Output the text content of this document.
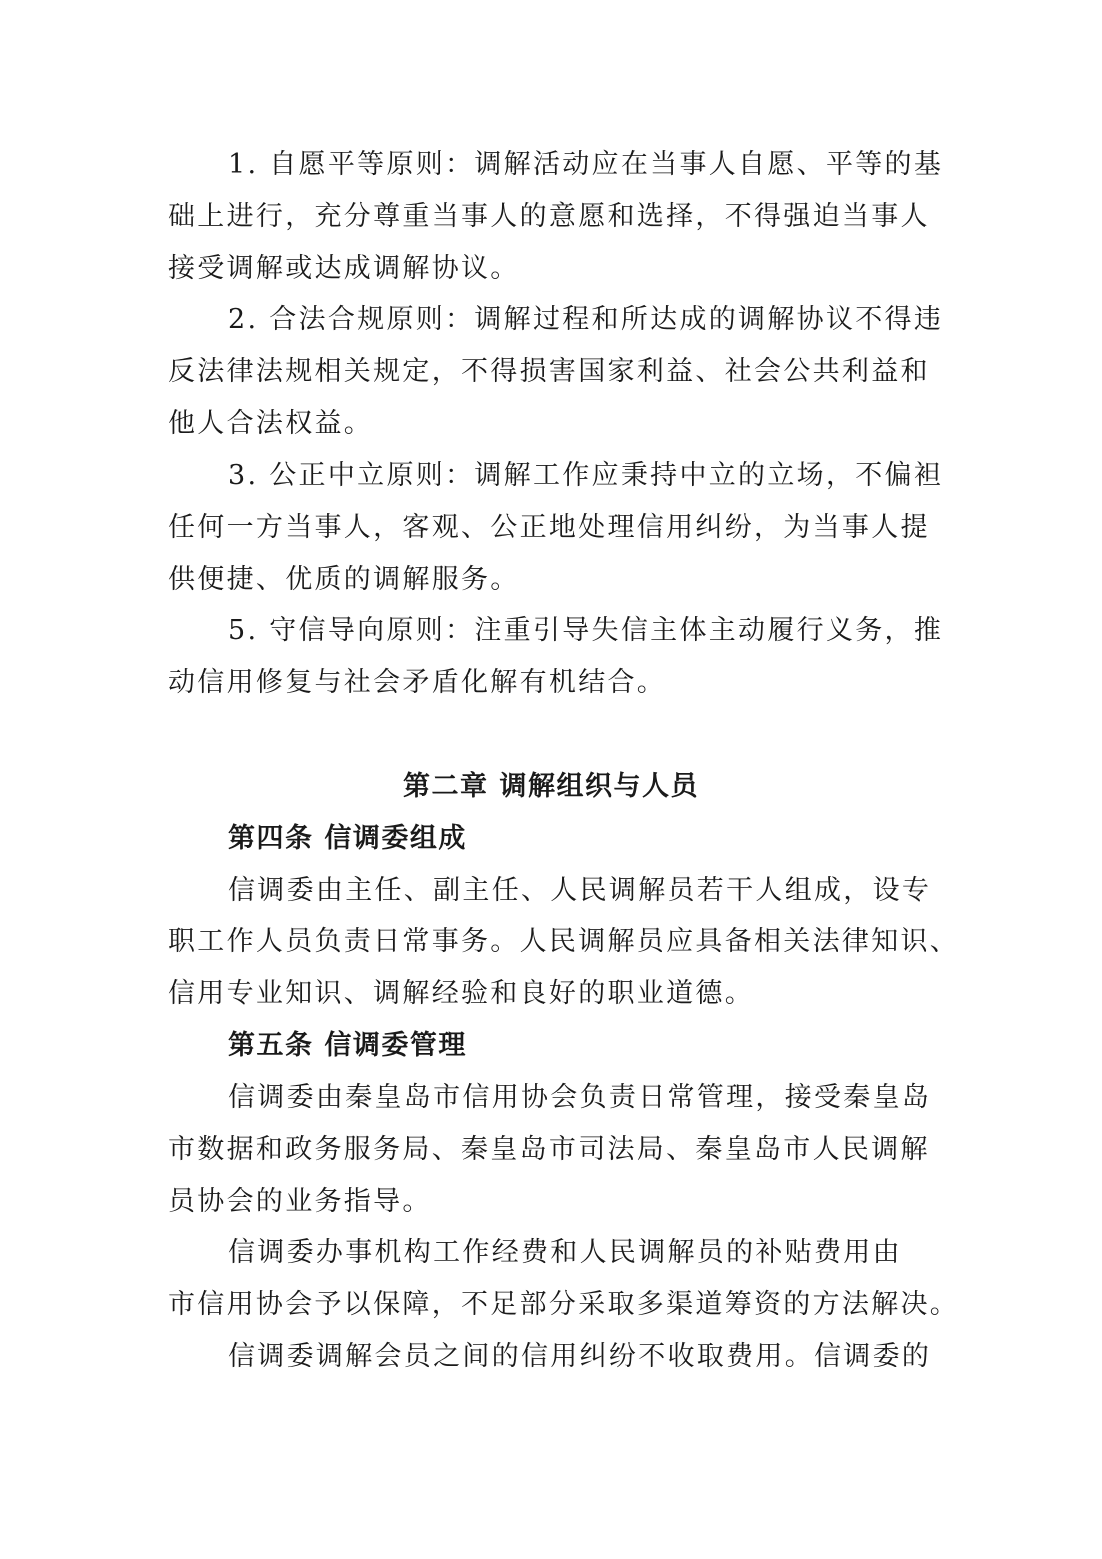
1. 自愿平等原则：调解活动应在当事人自愿、平等的基
础上进行，充分尊重当事人的意愿和选择，不得强迫当事人
接受调解或达成调解协议。
2. 合法合规原则：调解过程和所达成的调解协议不得违
反法律法规相关规定，不得损害国家利益、社会公共利益和
他人合法权益。
3. 公正中立原则：调解工作应秉持中立的立场，不偏袒
任何一方当事人，客观、公正地处理信用纠纷，为当事人提
供便捷、优质的调解服务。
5. 守信导向原则：注重引导失信主体主动履行义务，推
动信用修复与社会矛盾化解有机结合。
第二章 调解组织与人员
第四条 信调委组成
信调委由主任、副主任、人民调解员若干人组成，设专
职工作人员负责日常事务。人民调解员应具备相关法律知识、
信用专业知识、调解经验和良好的职业道德。
第五条 信调委管理
信调委由秦皇岛市信用协会负责日常管理，接受秦皇岛
市数据和政务服务局、秦皇岛市司法局、秦皇岛市人民调解
员协会的业务指导。
信调委办事机构工作经费和人民调解员的补贴费用由
市信用协会予以保障，不足部分采取多渠道筹资的方法解决。
信调委调解会员之间的信用纠纷不收取费用。信调委的
